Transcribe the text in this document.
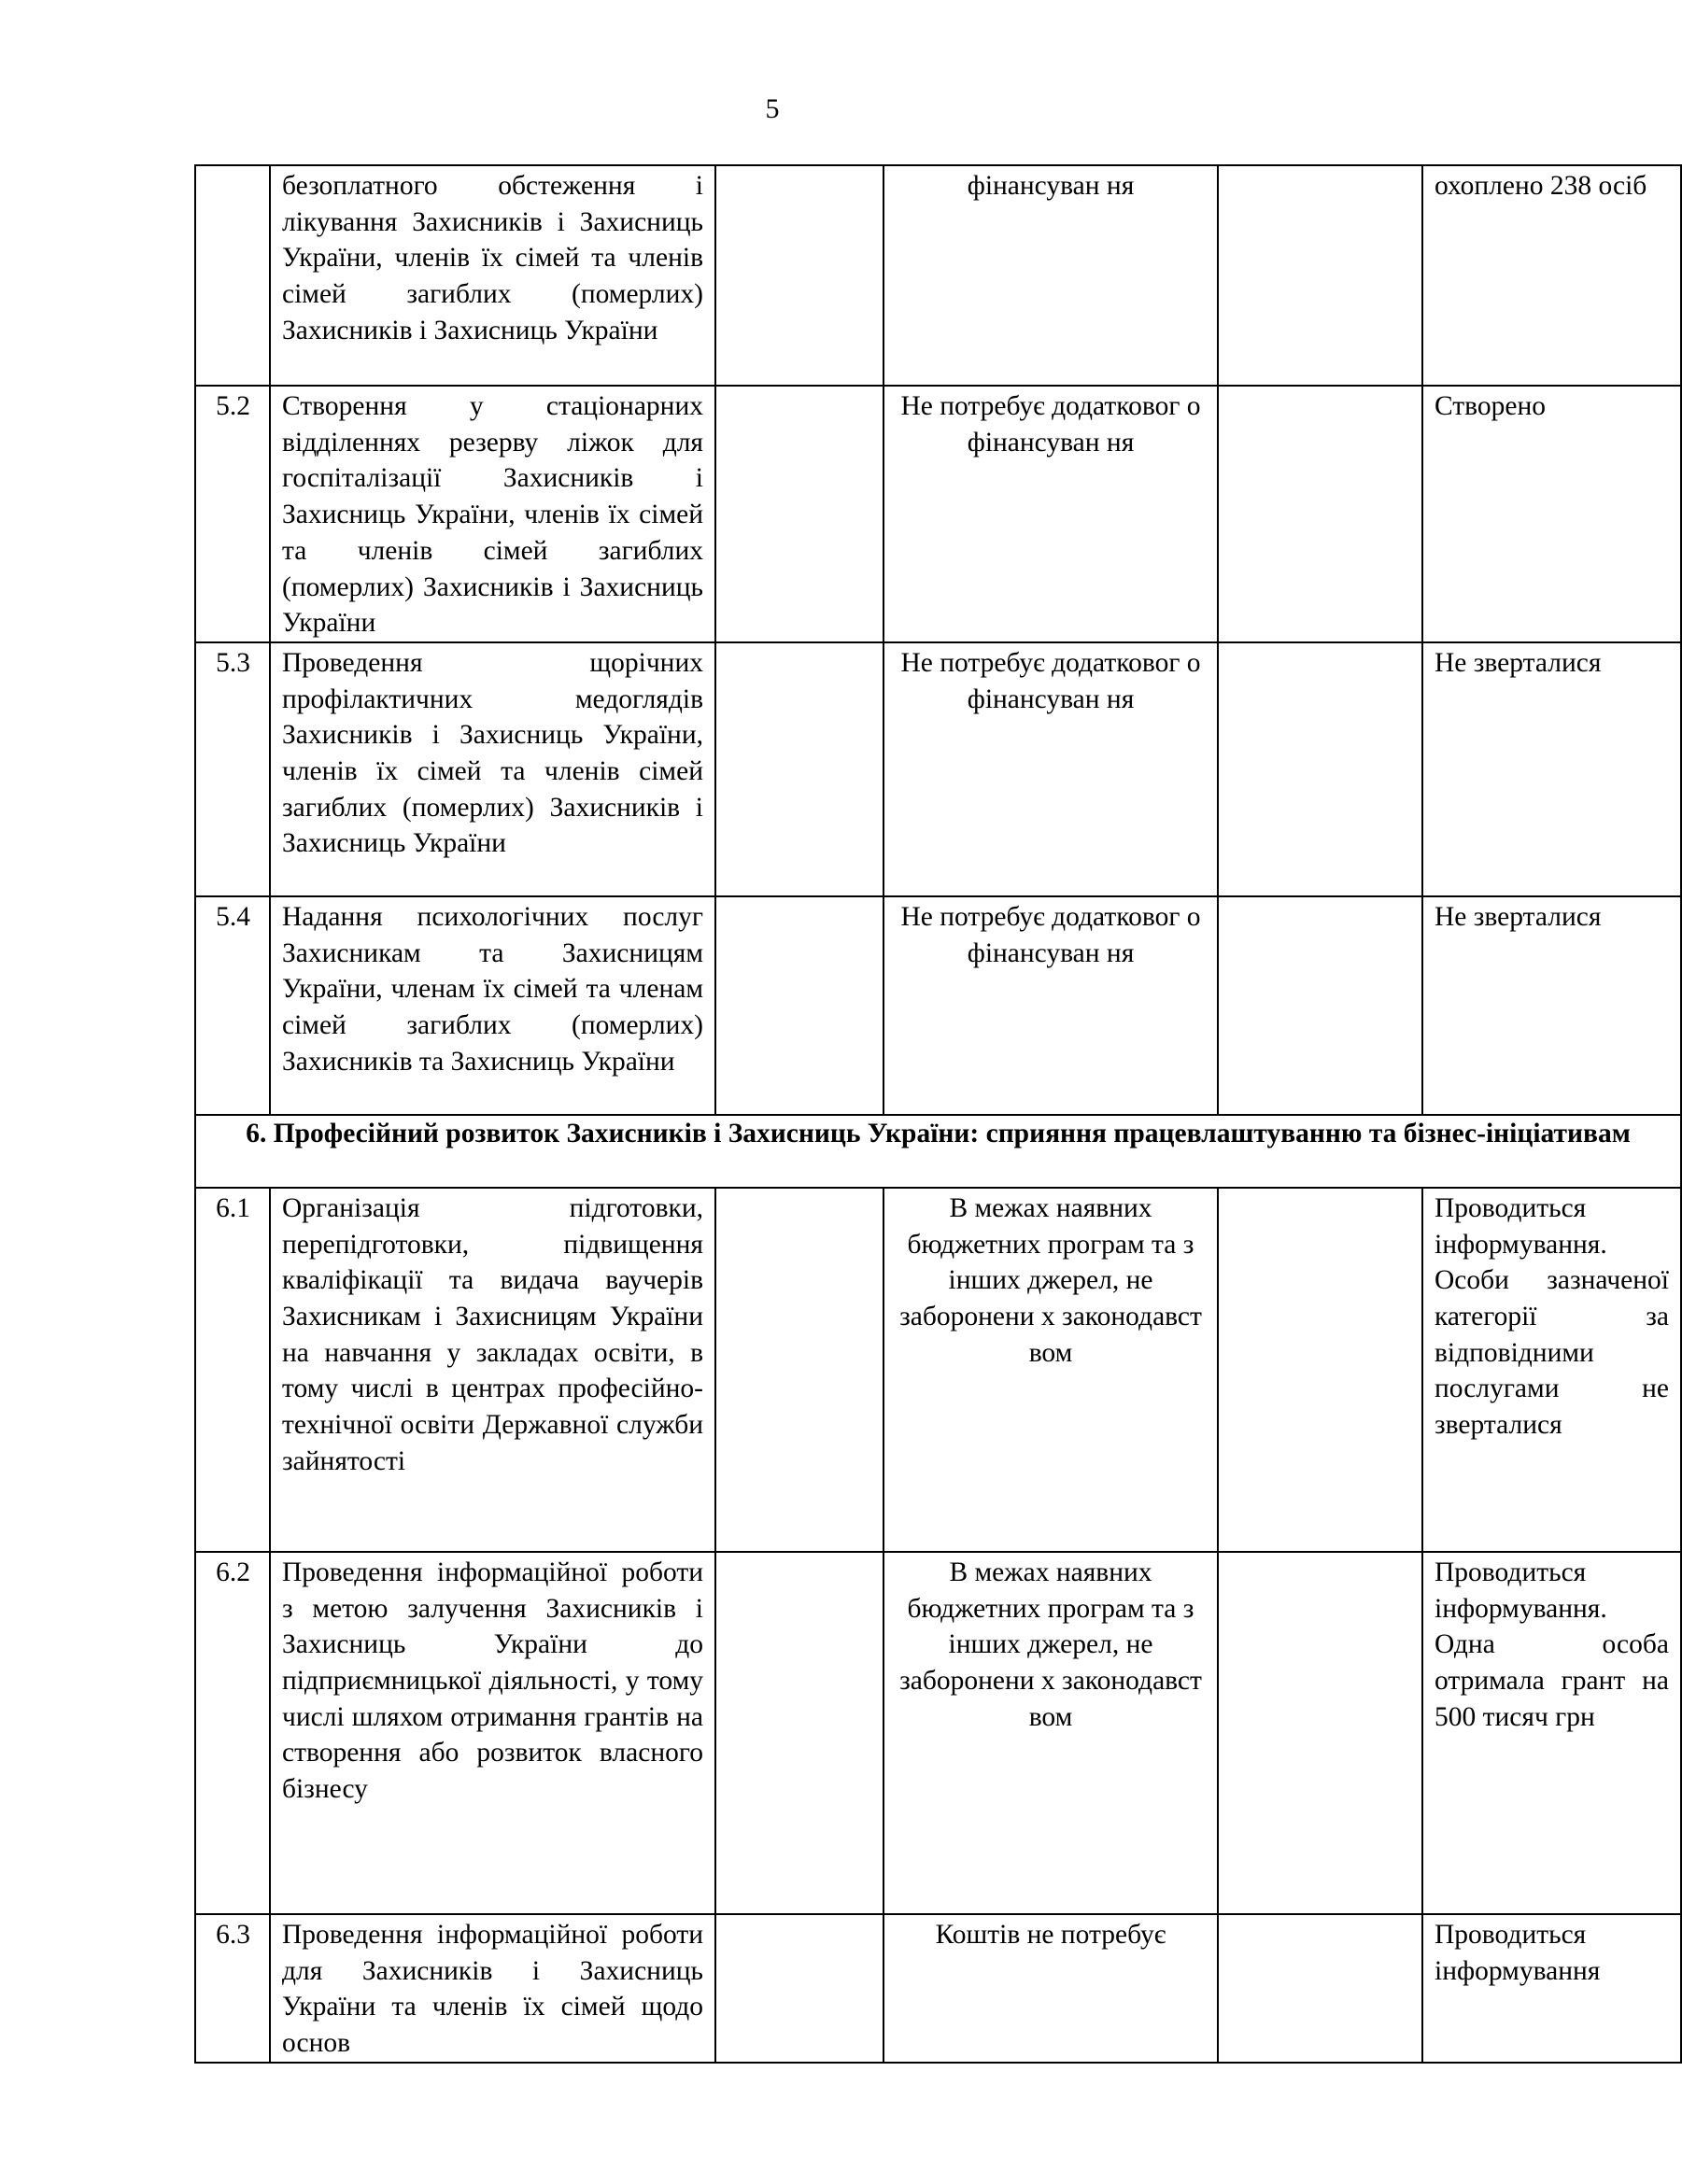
5
	безоплатного обстеження і лікування Захисників і Захисниць України, членів їх сімей та членів сімей загиблих (померлих) Захисників і Захисниць України		фінансуван ня		охоплено 238 осіб
5.2	Створення у стаціонарних відділеннях резерву ліжок для госпіталізації Захисників і Захисниць України, членів їх сімей та членів сімей загиблих (померлих) Захисників і Захисниць України		Не потребує додатковог о фінансуван ня		Створено
5.3	Проведення щорічних профілактичних медоглядів Захисників і Захисниць України, членів їх сімей та членів сімей загиблих (померлих) Захисників і Захисниць України		Не потребує додатковог о фінансуван ня		Не зверталися
5.4	Надання психологічних послуг Захисникам та Захисницям України, членам їх сімей та членам сімей загиблих (померлих) Захисників та Захисниць України		Не потребує додатковог о фінансуван ня		Не зверталися
6. Професійний розвиток Захисників і Захисниць України: сприяння працевлаштуванню та бізнес-ініціативам					
6.1	Організація підготовки, перепідготовки, підвищення кваліфікації та видача ваучерів Захисникам і Захисницям України на навчання у закладах освіти, в тому числі в центрах професійно-технічної освіти Державної служби зайнятості		В межах наявних бюджетних програм та з інших джерел, не заборонени х законодавст вом		Проводиться інформування. Особи зазначеної категорії за відповідними послугами не зверталися
6.2	Проведення інформаційної роботи з метою залучення Захисників і Захисниць України до підприємницької діяльності, у тому числі шляхом отримання грантів на створення або розвиток власного бізнесу		В межах наявних бюджетних програм та з інших джерел, не заборонени х законодавст вом		Проводиться інформування. Одна особа отримала грант на 500 тисяч грн
6.3	Проведення інформаційної роботи для Захисників і Захисниць України та членів їх сімей щодо основ		Коштів не потребує		Проводиться інформування
